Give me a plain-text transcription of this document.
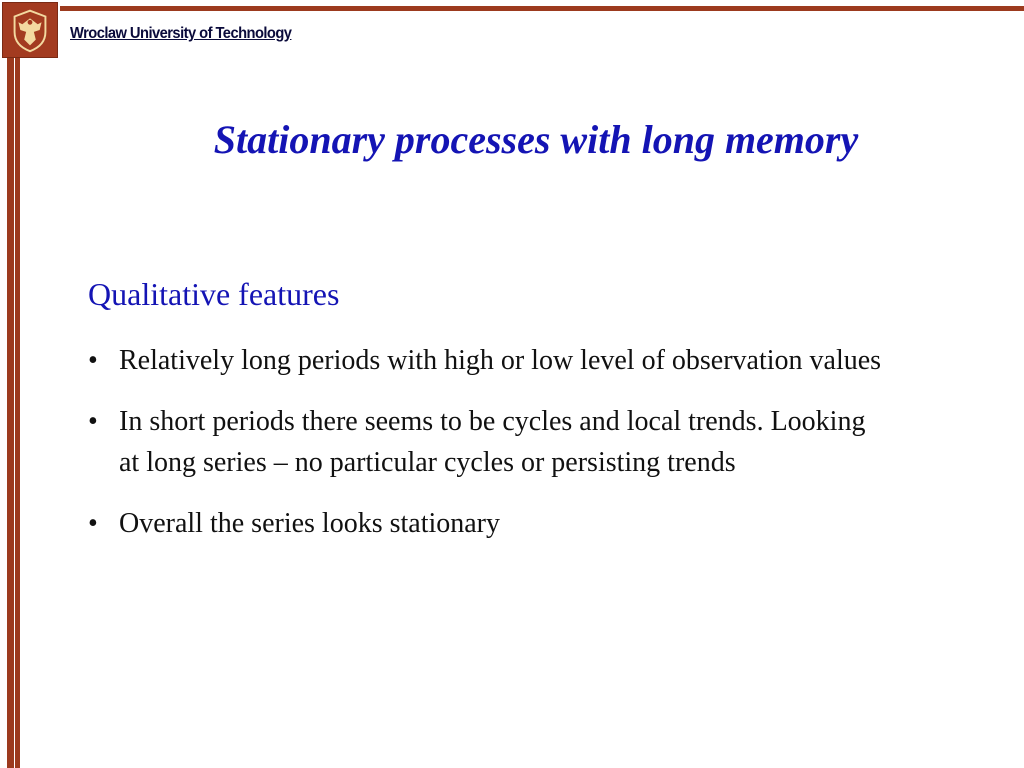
Wroclaw University of Technology
Stationary processes with long memory
Qualitative features
• Relatively long periods with high or low level of observation values
• In short periods there seems to be cycles and local trends. Looking at long series – no particular cycles or persisting trends
• Overall the series looks stationary
